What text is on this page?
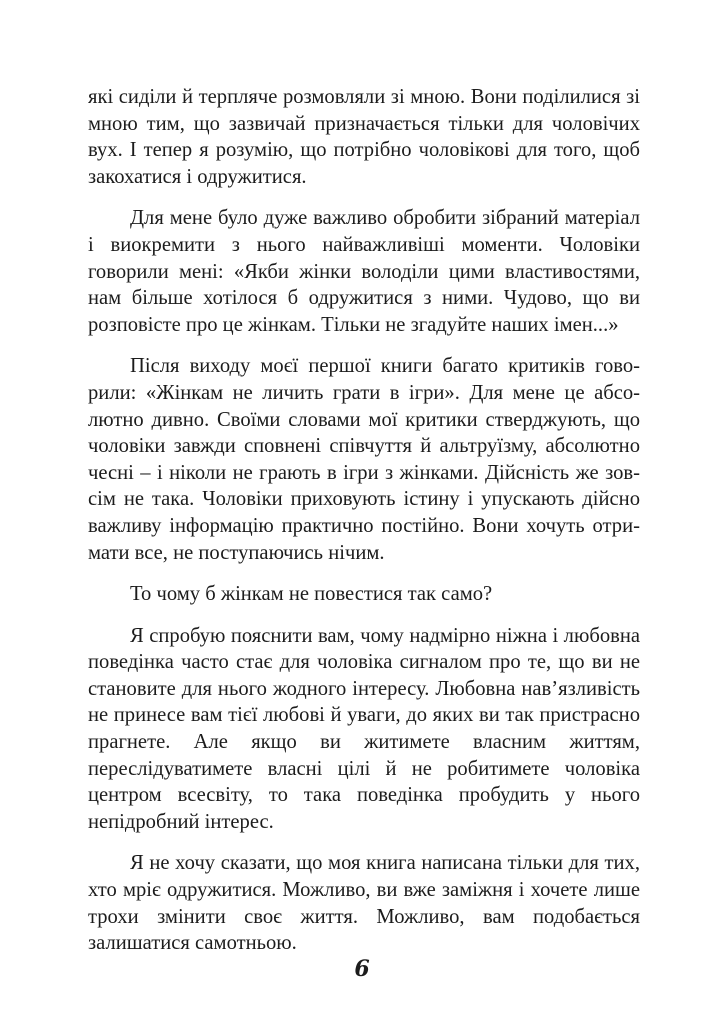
які сиділи й терпляче розмовляли зі мною. Вони поділилися зі мною тим, що зазвичай призначається тільки для чоловічих вух. І тепер я розумію, що потрібно чоловікові для того, щоб закохатися і одружитися.

Для мене було дуже важливо обробити зібраний матеріал і виокремити з нього найважливіші моменти. Чоловіки говорили мені: «Якби жінки володіли цими властивостями, нам більше хотілося б одружитися з ними. Чудово, що ви розповісте про це жінкам. Тільки не згадуйте наших імен...»

Після виходу моєї першої книги багато критиків говорили: «Жінкам не личить грати в ігри». Для мене це абсолютно дивно. Своїми словами мої критики стверджують, що чоловіки завжди сповнені співчуття й альтруїзму, абсолютно чесні – і ніколи не грають в ігри з жінками. Дійсність же зовсім не така. Чоловіки приховують істину і упускають дійсно важливу інформацію практично постійно. Вони хочуть отримати все, не поступаючись нічим.

То чому б жінкам не повестися так само?

Я спробую пояснити вам, чому надмірно ніжна і любовна поведінка часто стає для чоловіка сигналом про те, що ви не становите для нього жодного інтересу. Любовна нав’язливість не принесе вам тієї любові й уваги, до яких ви так пристрасно прагнете. Але якщо ви житимете власним життям, переслідуватимете власні цілі й не робитимете чоловіка центром всесвіту, то така поведінка пробудить у нього непідробний інтерес.

Я не хочу сказати, що моя книга написана тільки для тих, хто мріє одружитися. Можливо, ви вже заміжня і хочете лише трохи змінити своє життя. Можливо, вам подобається залишатися самотньою.

6
